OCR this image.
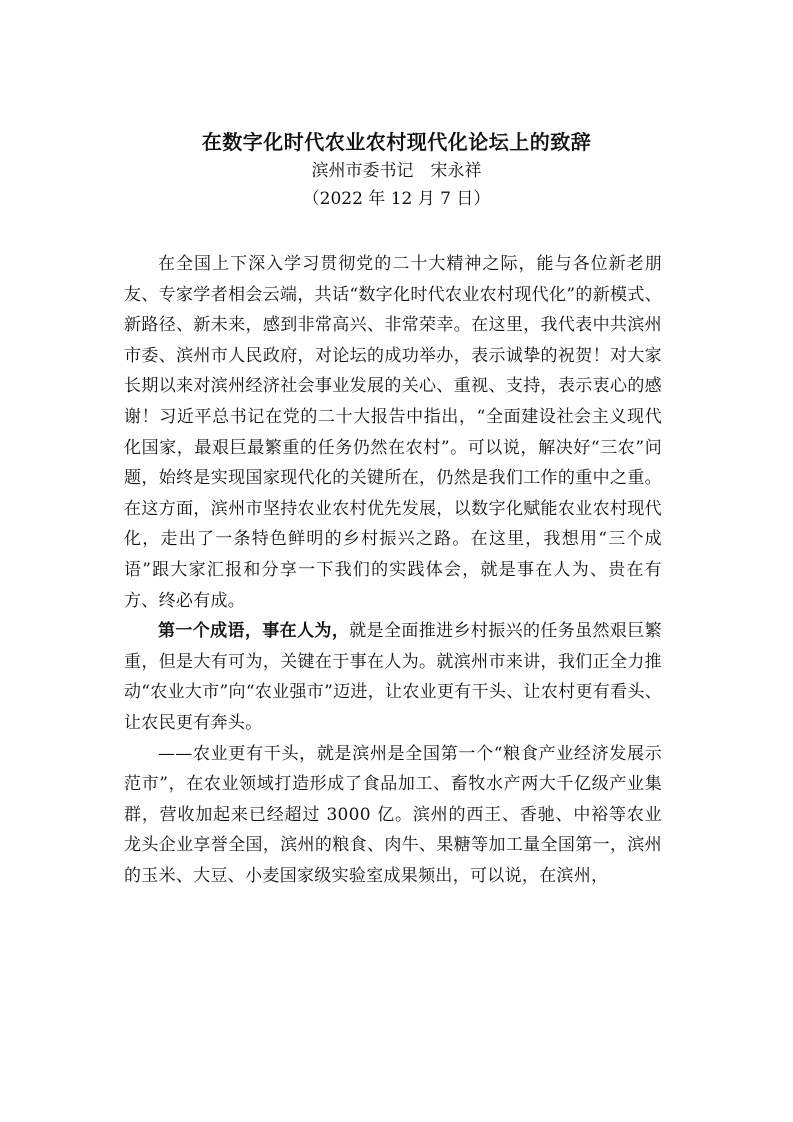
在数字化时代农业农村现代化论坛上的致辞
滨州市委书记　宋永祥
（2022 年 12 月 7 日）

在全国上下深入学习贯彻党的二十大精神之际，能与各位新老朋友、专家学者相会云端，共话“数字化时代农业农村现代化”的新模式、新路径、新未来，感到非常高兴、非常荣幸。在这里，我代表中共滨州市委、滨州市人民政府，对论坛的成功举办，表示诚挚的祝贺！对大家长期以来对滨州经济社会事业发展的关心、重视、支持，表示衷心的感谢！习近平总书记在党的二十大报告中指出，“全面建设社会主义现代化国家，最艰巨最繁重的任务仍然在农村”。可以说，解决好“三农”问题，始终是实现国家现代化的关键所在，仍然是我们工作的重中之重。在这方面，滨州市坚持农业农村优先发展，以数字化赋能农业农村现代化，走出了一条特色鲜明的乡村振兴之路。在这里，我想用“三个成语”跟大家汇报和分享一下我们的实践体会，就是事在人为、贵在有方、终必有成。

第一个成语，事在人为，就是全面推进乡村振兴的任务虽然艰巨繁重，但是大有可为，关键在于事在人为。就滨州市来讲，我们正全力推动“农业大市”向“农业强市”迈进，让农业更有干头、让农村更有看头、让农民更有奔头。

——农业更有干头，就是滨州是全国第一个“粮食产业经济发展示范市”，在农业领域打造形成了食品加工、畜牧水产两大千亿级产业集群，营收加起来已经超过 3000 亿。滨州的西王、香驰、中裕等农业龙头企业享誉全国，滨州的粮食、肉牛、果糖等加工量全国第一，滨州的玉米、大豆、小麦国家级实验室成果频出，可以说，在滨州，
